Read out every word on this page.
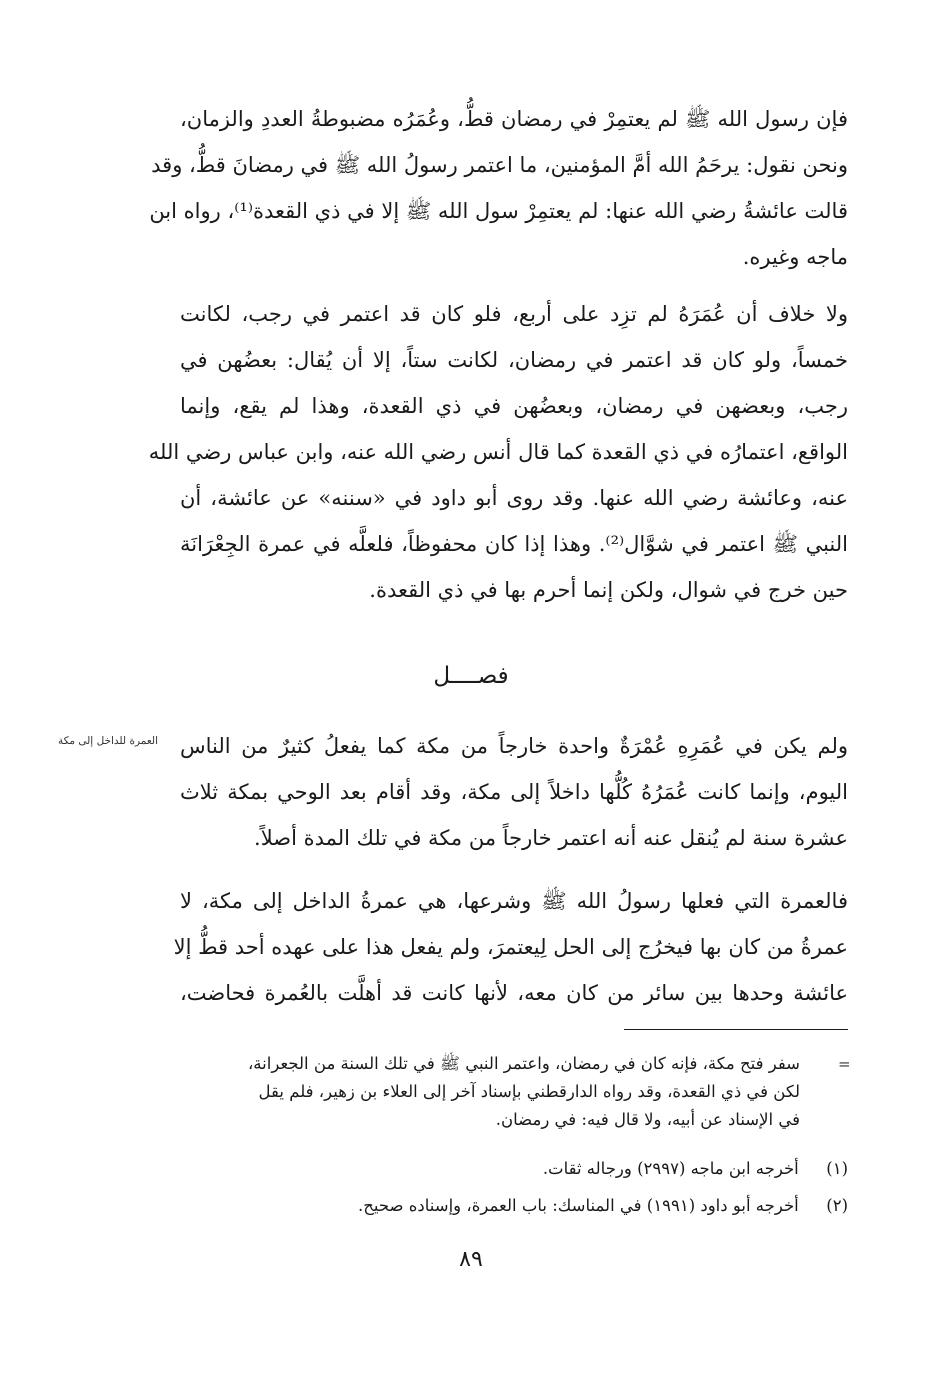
فإن رسول الله ﷺ لم يعتمِرْ في رمضان قطُّ، وعُمَرُه مضبوطةُ العددِ والزمان،
ونحن نقول: يرحَمُ الله أمَّ المؤمنين، ما اعتمر رسولُ الله ﷺ في رمضانَ قطُّ، وقد
قالت عائشةُ رضي الله عنها: لم يعتمِرْ سول الله ﷺ إلا في ذي القعدة⁽¹⁾، رواه ابن
ماجه وغيره.

ولا خلاف أن عُمَرَهُ لم تزِد على أربع، فلو كان قد اعتمر في رجب، لكانت
خمساً، ولو كان قد اعتمر في رمضان، لكانت ستاً، إلا أن يُقال: بعضُهن في
رجب، وبعضهن في رمضان، وبعضُهن في ذي القعدة، وهذا لم يقع، وإنما
الواقع، اعتمارُه في ذي القعدة كما قال أنس رضي الله عنه، وابن عباس رضي الله
عنه، وعائشة رضي الله عنها. وقد روى أبو داود في «سننه» عن عائشة، أن
النبي ﷺ اعتمر في شوَّال⁽²⁾. وهذا إذا كان محفوظاً، فلعلَّه في عمرة الجِعْرَانَة
حين خرج في شوال، ولكن إنما أحرم بها في ذي القعدة.

فصــــل
العمرة للداخل إلى مكة ولم يكن في عُمَرِهِ عُمْرَةٌ واحدة خارجاً من مكة كما يفعلُ كثيرٌ من الناس
اليوم، وإنما كانت عُمَرُهُ كُلُّها داخلاً إلى مكة، وقد أقام بعد الوحي بمكة ثلاث
عشرة سنة لم يُنقل عنه أنه اعتمر خارجاً من مكة في تلك المدة أصلاً.

فالعمرة التي فعلها رسولُ الله ﷺ وشرعها، هي عمرةُ الداخل إلى مكة، لا
عمرةُ من كان بها فيخرُج إلى الحل لِيعتمرَ، ولم يفعل هذا على عهده أحد قطُّ إلا
عائشة وحدها بين سائر من كان معه، لأنها كانت قد أهلَّت بالعُمرة فحاضت،

=
سفر فتح مكة، فإنه كان في رمضان، واعتمر النبي ﷺ في تلك السنة من الجعرانة،
لكن في ذي القعدة، وقد رواه الدارقطني بإسناد آخر إلى العلاء بن زهير، فلم يقل
في الإسناد عن أبيه، ولا قال فيه: في رمضان.
(١) أخرجه ابن ماجه (٢٩٩٧) ورجاله ثقات.
(٢) أخرجه أبو داود (١٩٩١) في المناسك: باب العمرة، وإسناده صحيح.
٨٩
